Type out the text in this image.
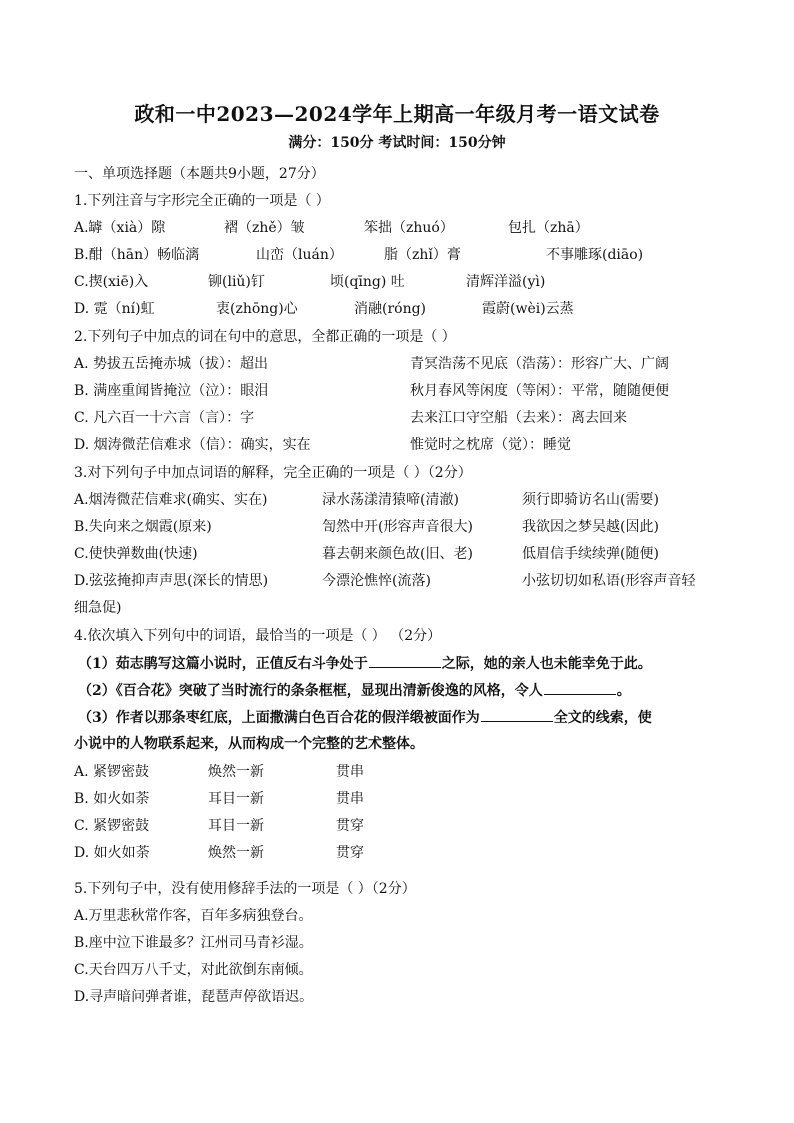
政和一中2023—2024学年上期高一年级月考一语文试卷
满分：150分 考试时间：150分钟
一、单项选择题（本题共9小题，27分）
1.下列注音与字形完全正确的一项是（ ）
A.罅（xià）隙	褶（zhě）皱	笨拙（zhuó）	包扎（zhā）
B.酣（hān）畅临漓	山峦（luán）	脂（zhǐ）膏	不事雕琢(diāo)
C.揳(xiē)入	铆(liǔ)钉	顷(qīng) 吐	清辉洋溢(yì)
D. 霓（ní)虹	衷(zhōng)心	消融(róng)	霞蔚(wèi)云蒸
2.下列句子中加点的词在句中的意思，全都正确的一项是（ ）
A. 势拔五岳掩赤城（拔）：超出	青冥浩荡不见底（浩荡）：形容广大、广阔
B. 满座重闻皆掩泣（泣）：眼泪	秋月春风等闲度（等闲）：平常，随随便便
C. 凡六百一十六言（言）：字	去来江口守空船（去来）：离去回来
D. 烟涛微茫信难求（信）：确实，实在	惟觉时之枕席（觉）：睡觉
3.对下列句子中加点词语的解释，完全正确的一项是（ ）（2分）
A.烟涛微茫信难求(确实、实在)	渌水荡漾清猿啼(清澈)	须行即骑访名山(需要)
B.失向来之烟霞(原来)	訇然中开(形容声音很大)	我欲因之梦吴越(因此)
C.使快弹数曲(快速)	暮去朝来颜色故(旧、老)	低眉信手续续弹(随便)
D.弦弦掩抑声声思(深长的情思)	今漂沦憔悴(流落)	小弦切切如私语(形容声音轻
细急促)
4.依次填入下列句中的词语，最恰当的一项是（ ） （2分）
（1）茹志鹃写这篇小说时，正值反右斗争处于	之际，她的亲人也未能幸免于此。
（2）《百合花》突破了当时流行的条条框框，显现出清新俊逸的风格，令人	。
（3）作者以那条枣红底，上面撒满白色百合花的假洋缎被面作为	全文的线索，使
小说中的人物联系起来，从而构成一个完整的艺术整体。
A. 紧锣密鼓	焕然一新	贯串
B. 如火如荼	耳目一新	贯串
C. 紧锣密鼓	耳目一新	贯穿
D. 如火如荼	焕然一新	贯穿
5.下列句子中，没有使用修辞手法的一项是（ ）（2分）
A.万里悲秋常作客，百年多病独登台。
B.座中泣下谁最多？江州司马青衫湿。
C.天台四万八千丈，对此欲倒东南倾。
D.寻声暗问弹者谁，琵琶声停欲语迟。
